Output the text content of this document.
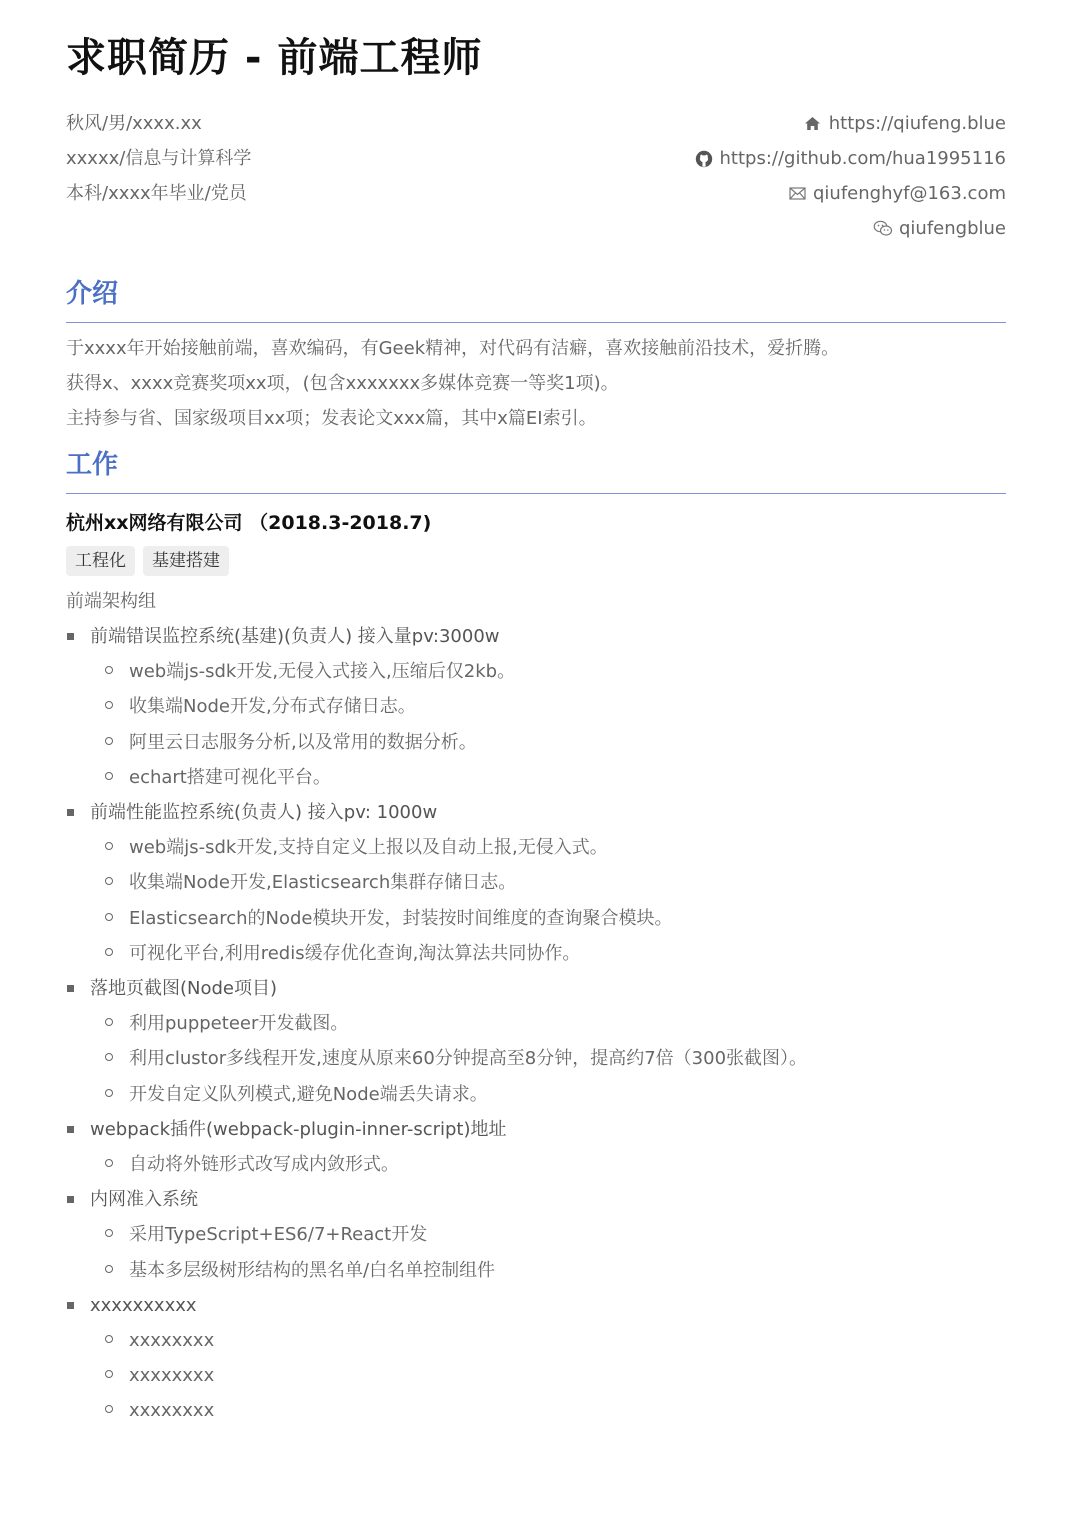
求职简历 - 前端工程师
秋风/男/xxxx.xx
xxxxx/信息与计算科学
本科/xxxx年毕业/党员
https://qiufeng.blue
https://github.com/hua1995116
qiufenghyf@163.com
qiufengblue
介绍
于xxxx年开始接触前端，喜欢编码，有Geek精神，对代码有洁癖，喜欢接触前沿技术，爱折腾。
获得x、xxxx竞赛奖项xx项，(包含xxxxxxx多媒体竞赛一等奖1项)。
主持参与省、国家级项目xx项；发表论文xxx篇，其中x篇EI索引。
工作
杭州xx网络有限公司 （2018.3-2018.7)
工程化	基建搭建
前端架构组
前端错误监控系统(基建)(负责人) 接入量pv:3000w
web端js-sdk开发,无侵入式接入,压缩后仅2kb。
收集端Node开发,分布式存储日志。
阿里云日志服务分析,以及常用的数据分析。
echart搭建可视化平台。
前端性能监控系统(负责人) 接入pv: 1000w
web端js-sdk开发,支持自定义上报以及自动上报,无侵入式。
收集端Node开发,Elasticsearch集群存储日志。
Elasticsearch的Node模块开发，封装按时间维度的查询聚合模块。
可视化平台,利用redis缓存优化查询,淘汰算法共同协作。
落地页截图(Node项目)
利用puppeteer开发截图。
利用clustor多线程开发,速度从原来60分钟提高至8分钟，提高约7倍（300张截图）。
开发自定义队列模式,避免Node端丢失请求。
webpack插件(webpack-plugin-inner-script)地址
自动将外链形式改写成内敛形式。
内网准入系统
采用TypeScript+ES6/7+React开发
基本多层级树形结构的黑名单/白名单控制组件
xxxxxxxxxx
xxxxxxxx
xxxxxxxx
xxxxxxxx
